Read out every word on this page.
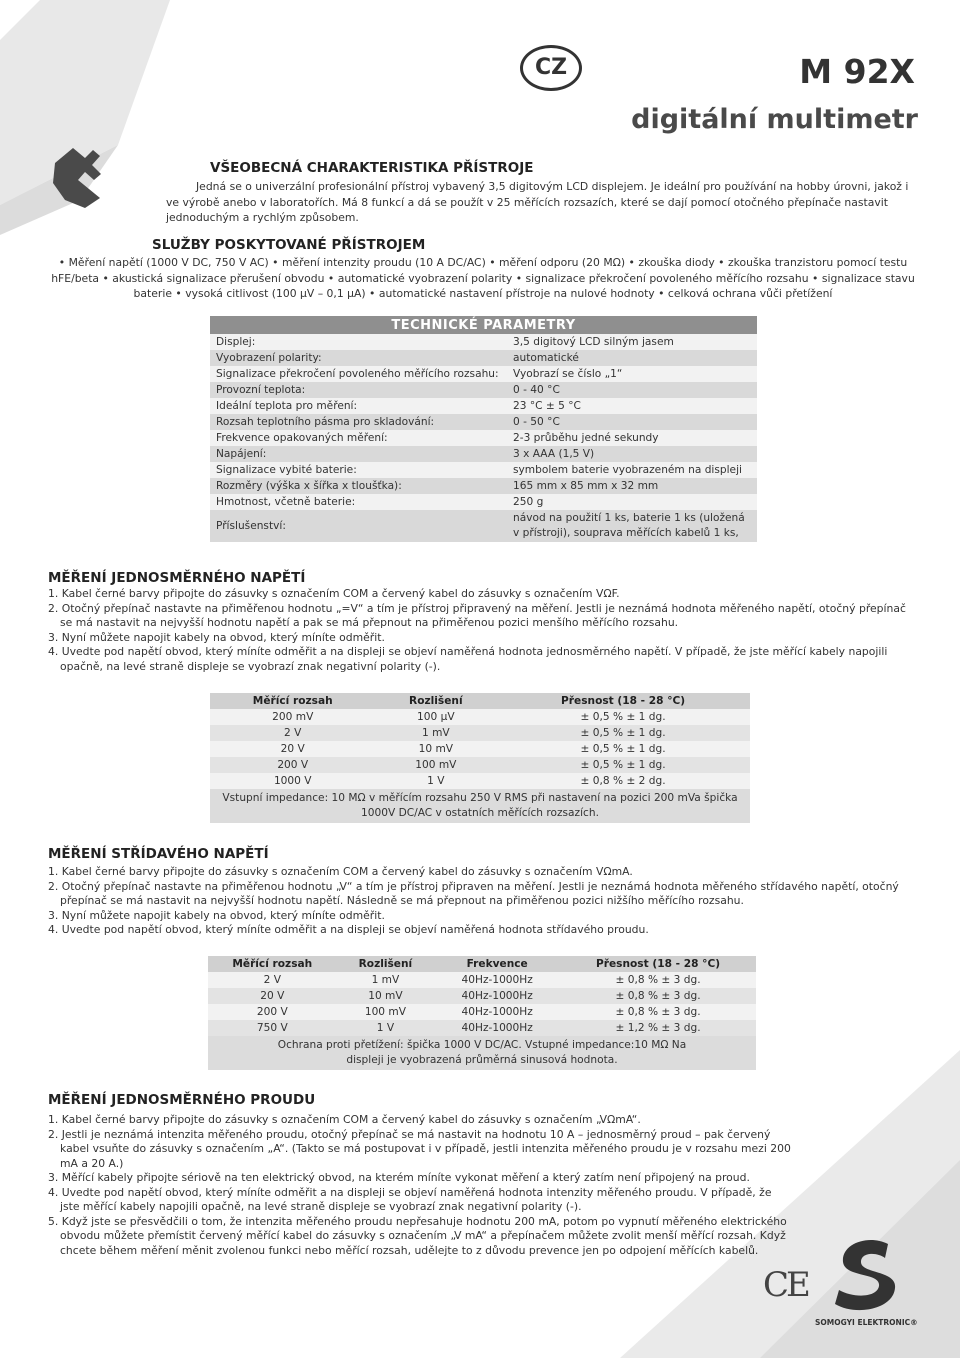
CZ	M 92X
digitální multimetr
VŠEOBECNÁ CHARAKTERISTIKA PŘÍSTROJE
Jedná se o univerzální profesionální přístroj vybavený 3,5 digitovým LCD displejem. Je ideální pro používání na hobby úrovni, jakož i ve výrobě anebo v laboratořích. Má 8 funkcí a dá se použít v 25 měřících rozsazích, které se dají pomocí otočného přepínače nastavit jednoduchým a rychlým způsobem.
SLUŽBY POSKYTOVANÉ PŘÍSTROJEM
• Měření napětí (1000 V DC, 750 V AC) • měření intenzity proudu (10 A DC/AC) • měření odporu (20 MΩ) • zkouška diody • zkouška tranzistoru pomocí testu hFE/beta • akustická signalizace přerušení obvodu • automatické vyobrazení polarity • signalizace překročení povoleného měřícího rozsahu • signalizace stavu baterie • vysoká citlivost (100 μV – 0,1 μA) • automatické nastavení přístroje na nulové hodnoty • celková ochrana vůči přetížení
TECHNICKÉ PARAMETRY	
Displej:	3,5 digitový LCD silným jasem
Vyobrazení polarity:	automatické
Signalizace překročení povoleného měřícího rozsahu:	Vyobrazí se číslo „1“
Provozní teplota:	0 - 40 °C
Ideální teplota pro měření:	23 °C ± 5 °C
Rozsah teplotního pásma pro skladování:	0 - 50 °C
Frekvence opakovaných měření:	2-3 průběhu jedné sekundy
Napájení:	3 x AAA (1,5 V)
Signalizace vybité baterie:	symbolem baterie vyobrazeném na displeji
Rozměry (výška x šířka x tloušťka):	165 mm x 85 mm x 32 mm
Hmotnost, včetně baterie:	250 g
Příslušenství:	návod na použití 1 ks, baterie 1 ks (uložená v přístroji), souprava měřících kabelů 1 ks,
MĚŘENÍ JEDNOSMĚRNÉHO NAPĚTÍ
1. Kabel černé barvy připojte do zásuvky s označením COM a červený kabel do zásuvky s označením VΩF.
2. Otočný přepínač nastavte na přiměřenou hodnotu „=V“ a tím je přístroj připravený na měření. Jestli je neznámá hodnota měřeného napětí, otočný přepínač se má nastavit na nejvyšší hodnotu napětí a pak se má přepnout na přiměřenou pozici menšího měřícího rozsahu.
3. Nyní můžete napojit kabely na obvod, který míníte odměřit.
4. Uvedte pod napětí obvod, který míníte odměřit a na displeji se objeví naměřená hodnota jednosměrného napětí. V případě, že jste měřící kabely napojili opačně, na levé straně displeje se vyobrazí znak negativní polarity (-).
Měřící rozsah	Rozlišení	Přesnost (18 - 28 °C)
200 mV	100 μV	± 0,5 % ± 1 dg.
2 V	1 mV	± 0,5 % ± 1 dg.
20 V	10 mV	± 0,5 % ± 1 dg.
200 V	100 mV	± 0,5 % ± 1 dg.
1000 V	1 V	± 0,8 % ± 2 dg.
Vstupní impedance: 10 MΩ v měřícím rozsahu 250 V RMS při nastavení na pozici 200 mVa špička 1000V DC/AC v ostatních měřících rozsazích.		
MĚŘENÍ STŘÍDAVÉHO NAPĚTÍ
1. Kabel černé barvy připojte do zásuvky s označením COM a červený kabel do zásuvky s označením VΩmA.
2. Otočný přepínač nastavte na přiměřenou hodnotu „V“ a tím je přístroj připraven na měření. Jestli je neznámá hodnota měřeného střídavého napětí, otočný přepínač se má nastavit na nejvyšší hodnotu napětí. Následně se má přepnout na přiměřenou pozici nižšího měřícího rozsahu.
3. Nyní můžete napojit kabely na obvod, který míníte odměřit.
4. Uvedte pod napětí obvod, který míníte odměřit a na displeji se objeví naměřená hodnota střídavého proudu.
Měřící rozsah	Rozlišení	Frekvence	Přesnost (18 - 28 °C)
2 V	1 mV	40Hz-1000Hz	± 0,8 % ± 3 dg.
20 V	10 mV	40Hz-1000Hz	± 0,8 % ± 3 dg.
200 V	100 mV	40Hz-1000Hz	± 0,8 % ± 3 dg.
750 V	1 V	40Hz-1000Hz	± 1,2 % ± 3 dg.
Ochrana proti přetížení: špička 1000 V DC/AC. Vstupné impedance:10 MΩ Na displeji je vyobrazená průměrná sinusová hodnota.			
MĚŘENÍ JEDNOSMĚRNÉHO PROUDU
1. Kabel černé barvy připojte do zásuvky s označením COM a červený kabel do zásuvky s označením „VΩmA“.
2. Jestli je neznámá intenzita měřeného proudu, otočný přepínač se má nastavit na hodnotu 10 A – jednosměrný proud – pak červený kabel vsuňte do zásuvky s označením „A“. (Takto se má postupovat i v případě, jestli intenzita měřeného proudu je v rozsahu mezi 200 mA a 20 A.)
3. Měřící kabely připojte sériově na ten elektrický obvod, na kterém míníte vykonat měření a který zatím není připojený na proud.
4. Uvedte pod napětí obvod, který míníte odměřit a na displeji se objeví naměřená hodnota intenzity měřeného proudu. V případě, že jste měřící kabely napojili opačně, na levé straně displeje se vyobrazí znak negativní polarity (-).
5. Když jste se přesvědčili o tom, že intenzita měřeného proudu nepřesahuje hodnotu 200 mA, potom po vypnutí měřeného elektrického obvodu můžete přemístit červený měřící kabel do zásuvky s označením „V mA“ a přepínačem můžete zvolit menší měřící rozsah. Když chcete během měření měnit zvolenou funkci nebo měřící rozsah, udělejte to z důvodu prevence jen po odpojení měřících kabelů.
CE
SOMOGYI ELEKTRONIC®
